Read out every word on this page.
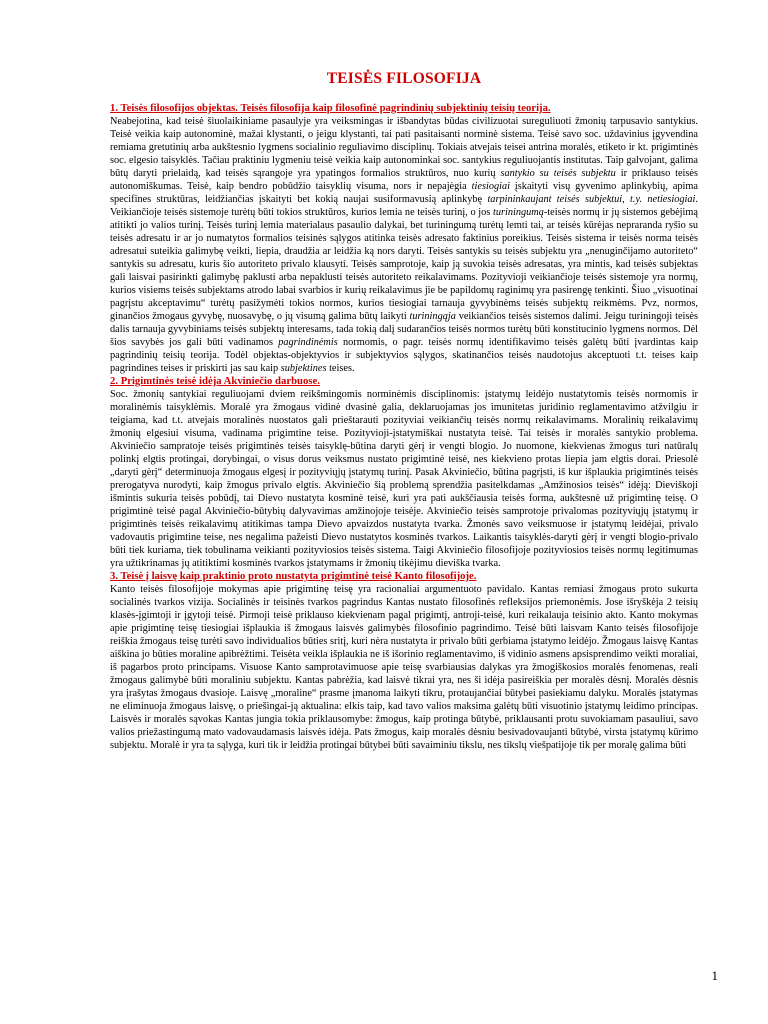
TEISĖS FILOSOFIJA
1. Teisės filosofijos objektas. Teisės filosofija kaip filosofinė pagrindinių subjektinių teisių teorija.

Neabejotina, kad teisė šiuolaikiniame pasaulyje yra veiksmingas ir išbandytas būdas civilizuotai sureguliuoti žmonių tarpusavio santykius. Teisė veikia kaip autonominė, mažai klystanti, o jeigu klystanti, tai pati pasitaisanti norminė sistema. Teisė savo soc. uždavinius įgyvendina remiama gretutinių arba aukštesnio lygmens socialinio reguliavimo disciplinų. Tokiais atvejais teisei antrina moralės, etiketo ir kt. prigimtinės soc. elgesio taisyklės. Tačiau praktiniu lygmeniu teisė veikia kaip autonominkai soc. santykius reguliuojantis institutas. Taip galvojant, galima būtų daryti prielaidą, kad teisės sąrangoje yra ypatingos formalios struktūros, nuo kurių santykio su teisės subjektu ir priklauso teisės autonomiškumas. Teisė, kaip bendro pobūdžio taisyklių visuma, nors ir nepajėgia tiesiogiai įskaityti visų gyvenimo aplinkybių, apima specifines struktūras, leidžiančias įskaityti bet kokią naujai susiformavusią aplinkybę tarpininkaujant teisės subjektui, t.y. netiesiogiai. Veikiančioje teisės sistemoje turėtų būti tokios struktūros, kurios lemia ne teisės turinį, o jos turiningumą-teisės normų ir jų sistemos gebėjimą atitikti jo valios turinį. Teisės turinį lemia materialaus pasaulio dalykai, bet turiningumą turėtų lemti tai, ar teisės kūrėjas nepraranda ryšio su teisės adresatu ir ar jo numatytos formalios teisinės sąlygos atitinka teisės adresato faktinius poreikius. Teisės sistema ir teisės norma teisės adresatui suteikia galimybę veikti, liepia, draudžia ar leidžia ką nors daryti. Teisės santykis su teisės subjektu yra „nenuginčijamo autoriteto“ santykis su adresatu, kuris šio autoriteto privalo klausyti. Teisės samprotoje, kaip ją suvokia teisės adresatas, yra mintis, kad teisės subjektas gali laisvai pasirinkti galimybę paklusti arba nepaklusti teisės autoriteto reikalavimams. Pozityvioji veikiančioje teisės sistemoje yra normų, kurios visiems teisės subjektams atrodo labai svarbios ir kurių reikalavimus jie be papildomų raginimų yra pasirengę tenkinti. Šiuo „visuotinai pagrįstu akceptavimu“ turėtų pasižymėti tokios normos, kurios tiesiogiai tarnauja gyvybinėms teisės subjektų reikmėms. Pvz, normos, ginančios žmogaus gyvybę, nuosavybę, o jų visumą galima būtų laikyti turiningąja veikiančios teisės sistemos dalimi. Jeigu turiningoji teisės dalis tarnauja gyvybiniams teisės subjektų interesams, tada tokią dalį sudarančios teisės normos turėtų būti konstitucinio lygmens normos. Dėl šios savybės jos gali būti vadinamos pagrindinėmis normomis, o pagr. teisės normų identifikavimo teisės galėtų būti įvardintas kaip pagrindinių teisių teorija. Todėl objektas-objektyvios ir subjektyvios sąlygos, skatinančios teisės naudotojus akceptuoti t.t. teises kaip pagrindines teises ir priskirti jas sau kaip subjektines teises.

2. Prigimtinės teisė idėja Akviniečio darbuose.

Soc. žmonių santykiai reguliuojami dviem reikšmingomis norminėmis disciplinomis: įstatymų leidėjo nustatytomis teisės normomis ir moralinėmis taisyklėmis. Moralė yra žmogaus vidinė dvasinė galia, deklaruojamas jos imunitetas juridinio reglamentavimo atžvilgiu ir teigiama, kad t.t. atvejais moralinės nuostatos gali prieštarauti pozityviai veikiančių teisės normų reikalavimams. Moralinių reikalavimų žmonių elgesiui visuma, vadinama prigimtine teise. Pozityvioji-įstatymiškai nustatyta teisė. Tai teisės ir moralės santykio problema. Akviniečio sampratoje teisės prigimtinės teisės taisyklę-būtina daryti gėrį ir vengti blogio. Jo nuomone, kiekvienas žmogus turi natūralų polinkį elgtis protingai, dorybingai, o visus dorus veiksmus nustato prigimtinė teisė, nes kiekvieno protas liepia jam elgtis dorai. Priesolė „daryti gėrį“ determinuoja žmogaus elgesį ir pozityviųjų įstatymų turinį. Pasak Akviniečio, būtina pagrįsti, iš kur išplaukia prigimtinės teisės prerogatyva nurodyti, kaip žmogus privalo elgtis. Akviniečio šią problemą sprendžia pasitelkdamas „Amžinosios teisės“ idėją: Dieviškoji išmintis sukuria teisės pobūdį, tai Dievo nustatyta kosminė teisė, kuri yra pati aukščiausia teisės forma, aukštesnė už prigimtinę teisę. O prigimtinė teisė pagal Akviniečio-būtybių dalyvavimas amžinojoje teisėje. Akviniečio teisės samprotoje privalomas pozityviųjų įstatymų ir prigimtinės teisės reikalavimų atitikimas tampa Dievo apvaizdos nustatyta tvarka. Žmonės savo veiksmuose ir įstatymų leidėjai, privalo vadovautis prigimtine teise, nes negalima pažeisti Dievo nustatytos kosminės tvarkos. Laikantis taisyklės-daryti gėrį ir vengti blogio-privalo būti tiek kuriama, tiek tobulinama veikianti pozityviosios teisės sistema. Taigi Akviniečio filosofijoje pozityviosios teisės normų legitimumas yra užtikrinamas jų atitiktimi kosminės tvarkos įstatymams ir žmonių tikėjimu dieviška tvarka.

3. Teisė į laisvę kaip praktinio proto nustatyta prigimtinė teisė Kanto filosofijoje.

Kanto teisės filosofijoje mokymas apie prigimtinę teisę yra racionaliai argumentuoto pavidalo. Kantas remiasi žmogaus proto sukurta socialinės tvarkos vizija. Socialinės ir teisinės tvarkos pagrindus Kantas nustato filosofinės refleksijos priemonėmis. Jose išryškėja 2 teisių klasės-įgimtoji ir įgytoji teisė. Pirmoji teisė priklauso kiekvienam pagal prigimtį, antroji-teisė, kuri reikalauja teisinio akto. Kanto mokymas apie prigimtinę teisę tiesiogiai išplaukia iš žmogaus laisvės galimybės filosofinio pagrindimo. Teisė būti laisvam Kanto teisės filosofijoje reiškia žmogaus teisę turėti savo individualios būties sritį, kuri nėra nustatyta ir privalo būti gerbiama įstatymo leidėjo. Žmogaus laisvę Kantas aiškina jo būties moraline apibrėžtimi. Teisėta veikla išplaukia ne iš išorinio reglamentavimo, iš vidinio asmens apsisprendimo veikti moraliai, iš pagarbos proto principams. Visuose Kanto samprotavimuose apie teisę svarbiausias dalykas yra žmogiškosios moralės fenomenas, reali žmogaus galimybė būti moraliniu subjektu. Kantas pabrėžia, kad laisvė tikrai yra, nes ši idėja pasireiškia per moralės dėsnį. Moralės dėsnis yra įrašytas žmogaus dvasioje. Laisvę „moraline“ prasme įmanoma laikyti tikru, protaujančiai būtybei pasiekiamu dalyku. Moralės įstatymas ne eliminuoja žmogaus laisvę, o priešingai-ją aktualina: elkis taip, kad tavo valios maksima galėtų būti visuotinio įstatymų leidimo principas. Laisvės ir moralės sąvokas Kantas jungia tokia priklausomybe: žmogus, kaip protinga būtybė, priklausanti protu suvokiamam pasauliui, savo valios priežastingumą mato vadovaudamasis laisvės idėja. Pats žmogus, kaip moralės dėsniu besivadovaujanti būtybė, virsta įstatymų kūrimo subjektu. Moralė ir yra ta sąlyga, kuri tik ir leidžia protingai būtybei būti savaiminiu tikslu, nes tikslų viešpatijoje tik per moralę galima būti

1
